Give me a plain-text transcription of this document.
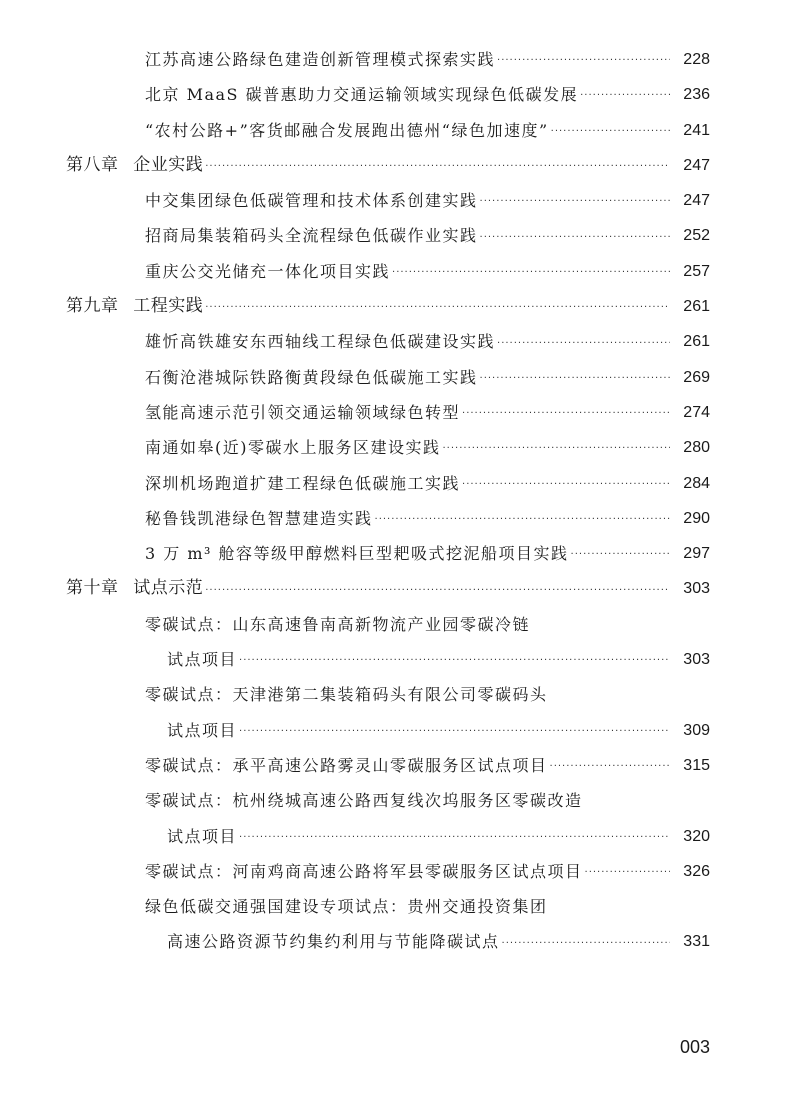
江苏高速公路绿色建造创新管理模式探索实践 ·····	228
北京 MaaS 碳普惠助力交通运输领域实现绿色低碳发展 ·····	236
“农村公路+”客货邮融合发展跑出德州“绿色加速度” ·····	241
第八章 企业实践 ·····	247
中交集团绿色低碳管理和技术体系创建实践 ·····	247
招商局集装箱码头全流程绿色低碳作业实践 ·····	252
重庆公交光储充一体化项目实践 ·····	257
第九章 工程实践 ·····	261
雄忻高铁雄安东西轴线工程绿色低碳建设实践 ·····	261
石衡沧港城际铁路衡黄段绿色低碳施工实践 ·····	269
氢能高速示范引领交通运输领域绿色转型 ·····	274
南通如皋(近)零碳水上服务区建设实践 ·····	280
深圳机场跑道扩建工程绿色低碳施工实践 ·····	284
秘鲁钱凯港绿色智慧建造实践 ·····	290
3 万 m³ 舱容等级甲醇燃料巨型耙吸式挖泥船项目实践 ·····	297
第十章 试点示范 ·····	303
零碳试点：山东高速鲁南高新物流产业园零碳冷链
试点项目 ·····	303
零碳试点：天津港第二集装箱码头有限公司零碳码头
试点项目 ·····	309
零碳试点：承平高速公路雾灵山零碳服务区试点项目 ·····	315
零碳试点：杭州绕城高速公路西复线次坞服务区零碳改造
试点项目 ·····	320
零碳试点：河南鸡商高速公路将军县零碳服务区试点项目 ·····	326
绿色低碳交通强国建设专项试点：贵州交通投资集团
高速公路资源节约集约利用与节能降碳试点 ·····	331
003
